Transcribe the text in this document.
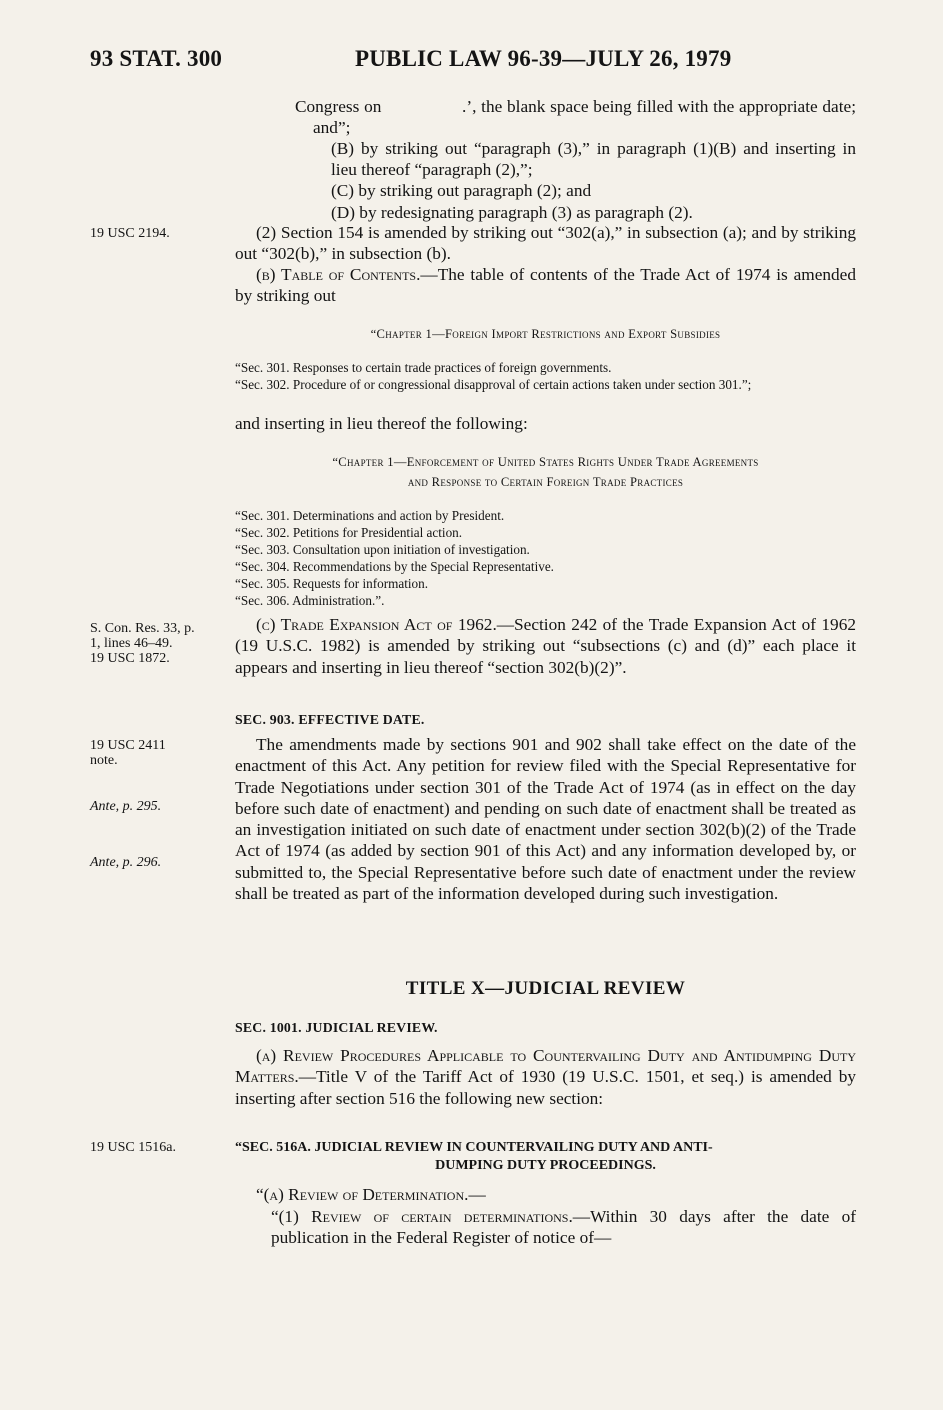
93 STAT. 300	PUBLIC LAW 96-39—JULY 26, 1979
19 USC 2194.
S. Con. Res. 33, p.
1, lines 46–49.
19 USC 1872.
19 USC 2411
note.
Ante, p. 295.
Ante, p. 296.
19 USC 1516a.
Congress on                 .’, the blank space being filled with the appropriate date; and”;
(B) by striking out “paragraph (3),” in paragraph (1)(B) and inserting in lieu thereof “paragraph (2),”;
(C) by striking out paragraph (2); and
(D) by redesignating paragraph (3) as paragraph (2).
(2) Section 154 is amended by striking out “302(a),” in subsection (a); and by striking out “302(b),” in subsection (b).
(b) Table of Contents.—The table of contents of the Trade Act of 1974 is amended by striking out
“Chapter 1—Foreign Import Restrictions and Export Subsidies
“Sec. 301. Responses to certain trade practices of foreign governments.
“Sec. 302. Procedure of or congressional disapproval of certain actions taken under section 301.”;
and inserting in lieu thereof the following:
“Chapter 1—Enforcement of United States Rights Under Trade Agreements
and Response to Certain Foreign Trade Practices
“Sec. 301. Determinations and action by President.
“Sec. 302. Petitions for Presidential action.
“Sec. 303. Consultation upon initiation of investigation.
“Sec. 304. Recommendations by the Special Representative.
“Sec. 305. Requests for information.
“Sec. 306. Administration.”.
(c) Trade Expansion Act of 1962.—Section 242 of the Trade Expansion Act of 1962 (19 U.S.C. 1982) is amended by striking out “subsections (c) and (d)” each place it appears and inserting in lieu thereof “section 302(b)(2)”.
SEC. 903. EFFECTIVE DATE.
The amendments made by sections 901 and 902 shall take effect on the date of the enactment of this Act. Any petition for review filed with the Special Representative for Trade Negotiations under section 301 of the Trade Act of 1974 (as in effect on the day before such date of enactment) and pending on such date of enactment shall be treated as an investigation initiated on such date of enactment under section 302(b)(2) of the Trade Act of 1974 (as added by section 901 of this Act) and any information developed by, or submitted to, the Special Representative before such date of enactment under the review shall be treated as part of the information developed during such investigation.
TITLE X—JUDICIAL REVIEW
SEC. 1001. JUDICIAL REVIEW.
(a) Review Procedures Applicable to Countervailing Duty and Antidumping Duty Matters.—Title V of the Tariff Act of 1930 (19 U.S.C. 1501, et seq.) is amended by inserting after section 516 the following new section:
“SEC. 516A. JUDICIAL REVIEW IN COUNTERVAILING DUTY AND ANTI-
DUMPING DUTY PROCEEDINGS.
“(a) Review of Determination.—
“(1) Review of certain determinations.—Within 30 days after the date of publication in the Federal Register of notice of—
